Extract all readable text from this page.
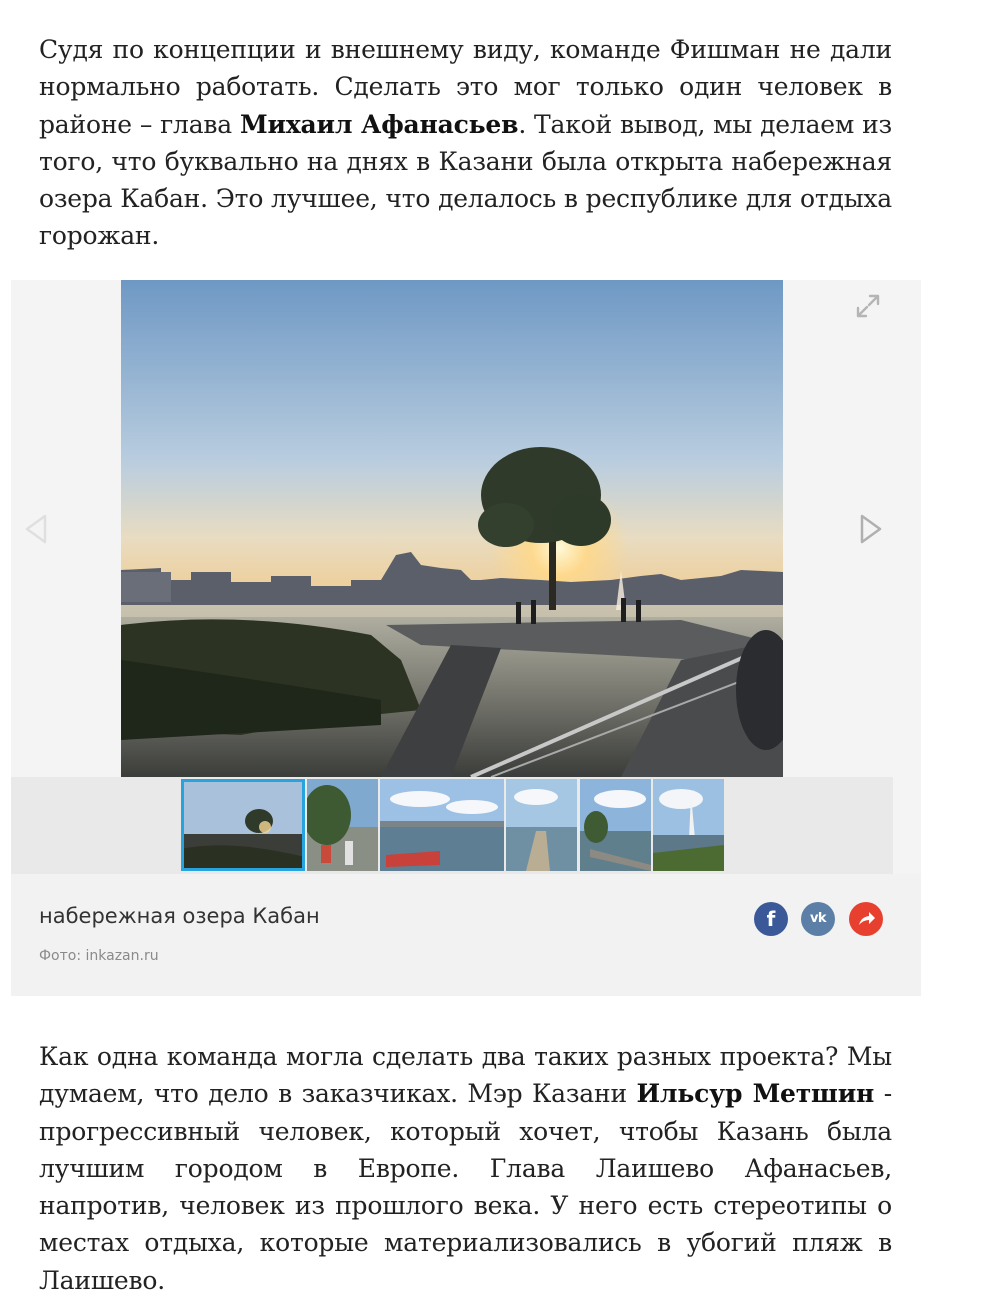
Судя по концепции и внешнему виду, команде Фишман не дали нормально работать. Сделать это мог только один человек в районе – глава Михаил Афанасьев. Такой вывод, мы делаем из того, что буквально на днях в Казани была открыта набережная озера Кабан. Это лучшее, что делалось в республике для отдыха горожан.

набережная озера Кабан
Фото: inkazan.ru
f	vk

Как одна команда могла сделать два таких разных проекта? Мы думаем, что дело в заказчиках. Мэр Казани Ильсур Метшин - прогрессивный человек, который хочет, чтобы Казань была лучшим городом в Европе. Глава Лаишево Афанасьев, напротив, человек из прошлого века. У него есть стереотипы о местах отдыха, которые материализовались в убогий пляж в Лаишево.
